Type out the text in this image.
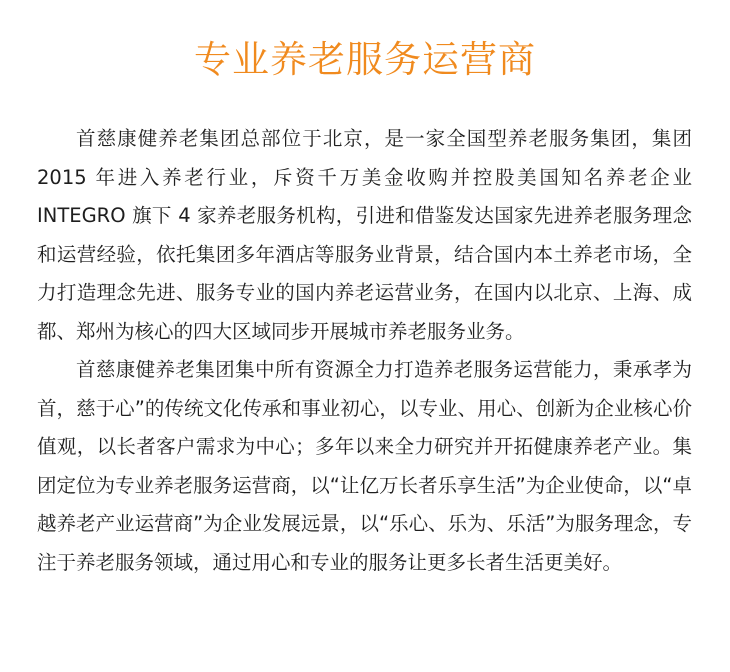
专业养老服务运营商

首慈康健养老集团总部位于北京，是一家全国型养老服务集团，集团 2015 年进入养老行业，斥资千万美金收购并控股美国知名养老企业 INTEGRO 旗下 4 家养老服务机构，引进和借鉴发达国家先进养老服务理念和运营经验，依托集团多年酒店等服务业背景，结合国内本土养老市场，全力打造理念先进、服务专业的国内养老运营业务，在国内以北京、上海、成都、郑州为核心的四大区域同步开展城市养老服务业务。

首慈康健养老集团集中所有资源全力打造养老服务运营能力，秉承孝为首，慈于心”的传统文化传承和事业初心，以专业、用心、创新为企业核心价值观，以长者客户需求为中心；多年以来全力研究并开拓健康养老产业。集团定位为专业养老服务运营商，以“让亿万长者乐享生活”为企业使命，以“卓越养老产业运营商”为企业发展远景，以“乐心、乐为、乐活”为服务理念，专注于养老服务领域，通过用心和专业的服务让更多长者生活更美好。
